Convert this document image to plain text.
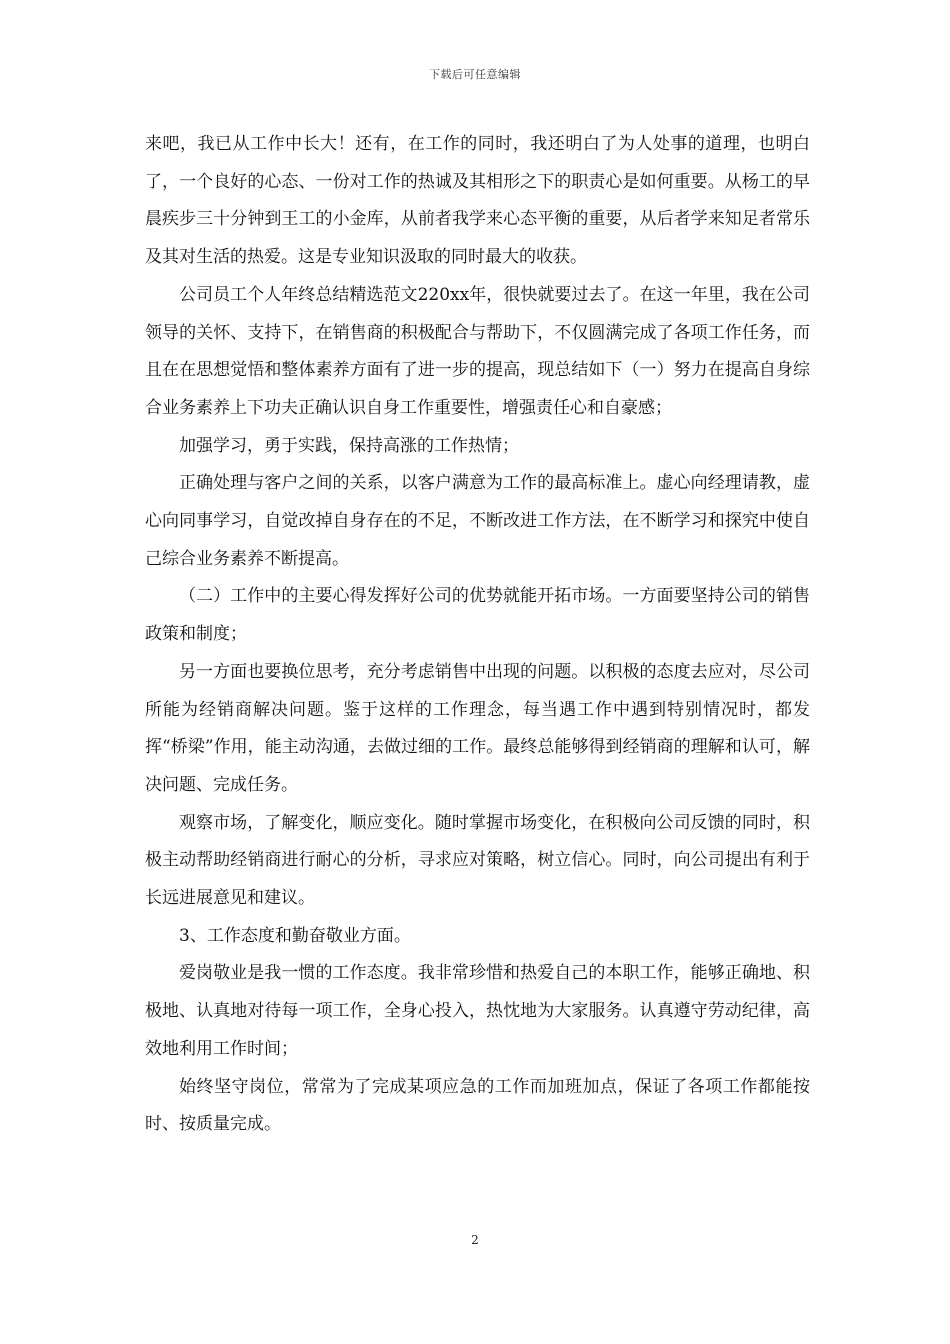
下载后可任意编辑

来吧，我已从工作中长大！还有，在工作的同时，我还明白了为人处事的道理，也明白了，一个良好的心态、一份对工作的热诚及其相形之下的职责心是如何重要。从杨工的早晨疾步三十分钟到王工的小金库，从前者我学来心态平衡的重要，从后者学来知足者常乐及其对生活的热爱。这是专业知识汲取的同时最大的收获。

公司员工个人年终总结精选范文220xx年，很快就要过去了。在这一年里，我在公司领导的关怀、支持下，在销售商的积极配合与帮助下，不仅圆满完成了各项工作任务，而且在在思想觉悟和整体素养方面有了进一步的提高，现总结如下（一）努力在提高自身综合业务素养上下功夫正确认识自身工作重要性，增强责任心和自豪感；

加强学习，勇于实践，保持高涨的工作热情；

正确处理与客户之间的关系，以客户满意为工作的最高标准上。虚心向经理请教，虚心向同事学习，自觉改掉自身存在的不足，不断改进工作方法，在不断学习和探究中使自己综合业务素养不断提高。

（二）工作中的主要心得发挥好公司的优势就能开拓市场。一方面要坚持公司的销售政策和制度；

另一方面也要换位思考，充分考虑销售中出现的问题。以积极的态度去应对，尽公司所能为经销商解决问题。鉴于这样的工作理念，每当遇工作中遇到特别情况时，都发挥“桥梁”作用，能主动沟通，去做过细的工作。最终总能够得到经销商的理解和认可，解决问题、完成任务。

观察市场，了解变化，顺应变化。随时掌握市场变化，在积极向公司反馈的同时，积极主动帮助经销商进行耐心的分析，寻求应对策略，树立信心。同时，向公司提出有利于长远进展意见和建议。

3、工作态度和勤奋敬业方面。

爱岗敬业是我一惯的工作态度。我非常珍惜和热爱自己的本职工作，能够正确地、积极地、认真地对待每一项工作，全身心投入，热忱地为大家服务。认真遵守劳动纪律，高效地利用工作时间；

始终坚守岗位，常常为了完成某项应急的工作而加班加点，保证了各项工作都能按时、按质量完成。

2
